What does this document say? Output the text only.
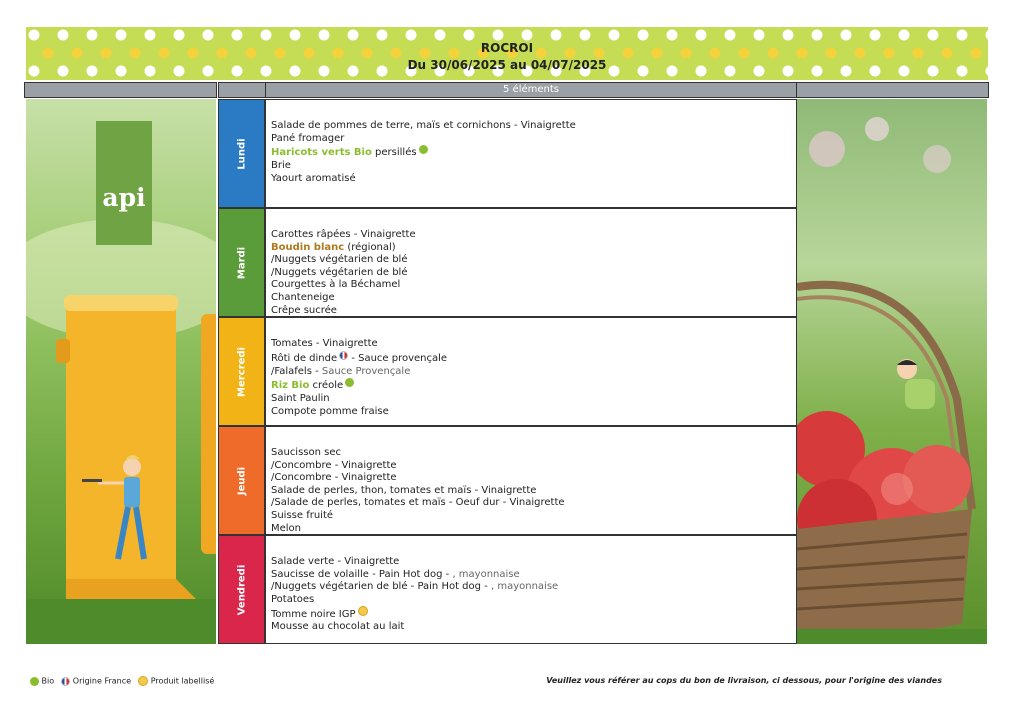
ROCROI
Du 30/06/2025 au 04/07/2025
5 éléments
api
Lundi
Mardi
Mercredi
Jeudi
Vendredi
Salade de pommes de terre, maïs et cornichons - Vinaigrette
Pané fromager
Haricots verts Bio persillés
Brie
Yaourt aromatisé
Carottes râpées - Vinaigrette
Boudin blanc (régional)
/Nuggets végétarien de blé
/Nuggets végétarien de blé
Courgettes à la Béchamel
Chanteneige
Crêpe sucrée
Tomates - Vinaigrette
Rôti de dinde - Sauce provençale
/Falafels - Sauce Provençale
Riz Bio créole
Saint Paulin
Compote pomme fraise
Saucisson sec
/Concombre - Vinaigrette
/Concombre - Vinaigrette
Salade de perles, thon, tomates et maïs - Vinaigrette
/Salade de perles, tomates et maïs - Oeuf dur - Vinaigrette
Suisse fruité
Melon
Salade verte - Vinaigrette
Saucisse de volaille - Pain Hot dog - , mayonnaise
/Nuggets végétarien de blé - Pain Hot dog - , mayonnaise
Potatoes
Tomme noire IGP
Mousse au chocolat au lait
Bio Origine France Produit labellisé	Veuillez vous référer au cops du bon de livraison, ci dessous, pour l'origine des viandes
